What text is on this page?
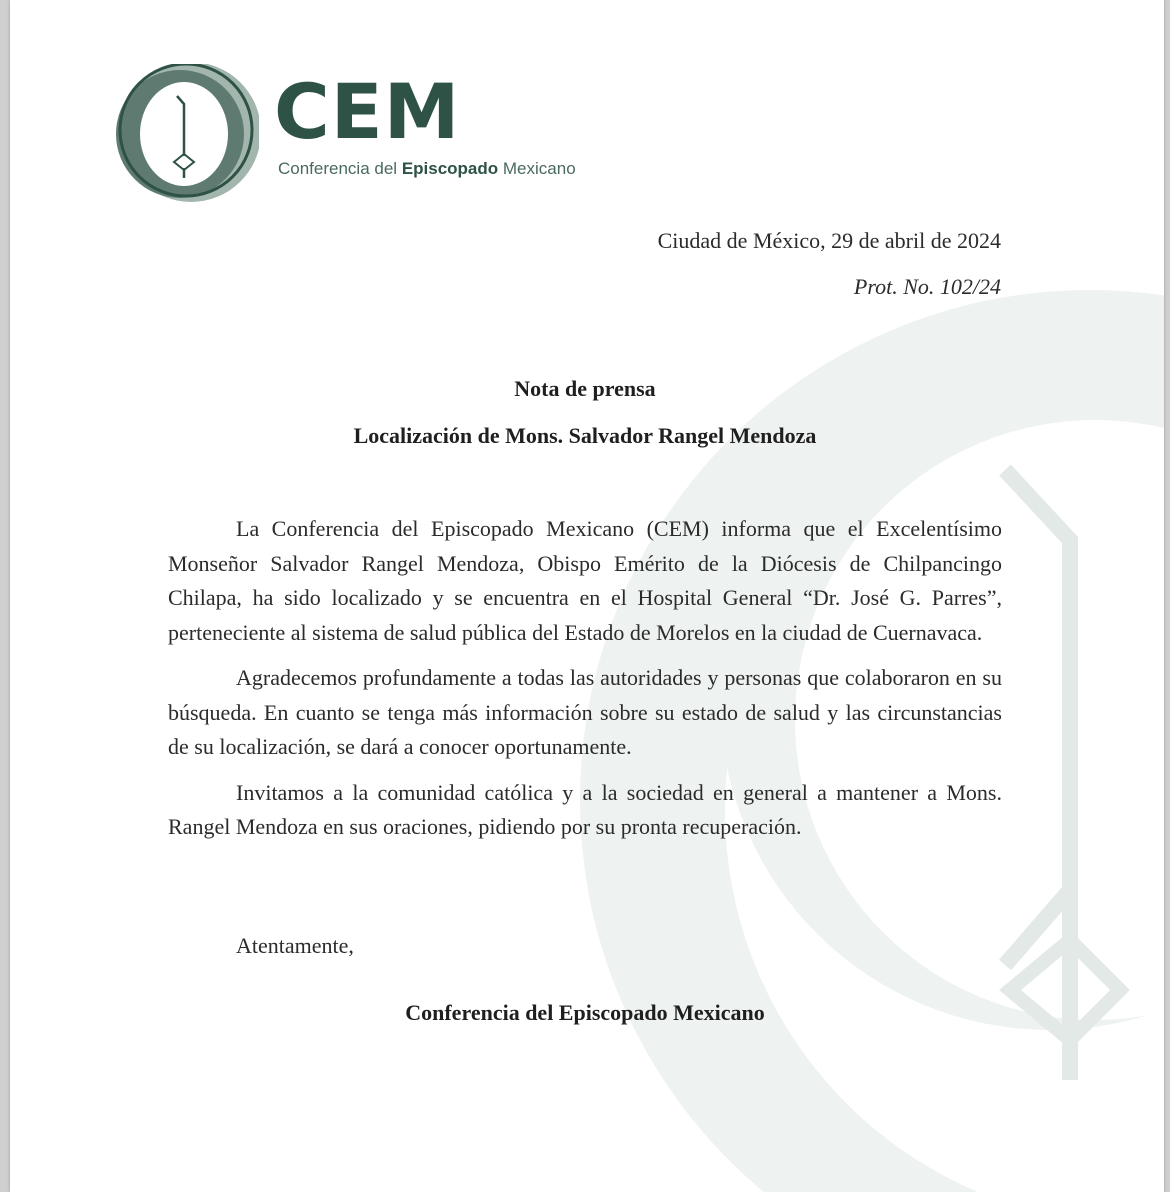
CEM
Conferencia del Episcopado Mexicano
Ciudad de México, 29 de abril de 2024
Prot. No. 102/24
Nota de prensa
Localización de Mons. Salvador Rangel Mendoza

La Conferencia del Episcopado Mexicano (CEM) informa que el Excelentísimo Monseñor Salvador Rangel Mendoza, Obispo Emérito de la Diócesis de Chilpancingo Chilapa, ha sido localizado y se encuentra en el Hospital General “Dr. José G. Parres”, perteneciente al sistema de salud pública del Estado de Morelos en la ciudad de Cuernavaca.

Agradecemos profundamente a todas las autoridades y personas que colaboraron en su búsqueda. En cuanto se tenga más información sobre su estado de salud y las circunstancias de su localización, se dará a conocer oportunamente.

Invitamos a la comunidad católica y a la sociedad en general a mantener a Mons. Rangel Mendoza en sus oraciones, pidiendo por su pronta recuperación.

Atentamente,
Conferencia del Episcopado Mexicano
